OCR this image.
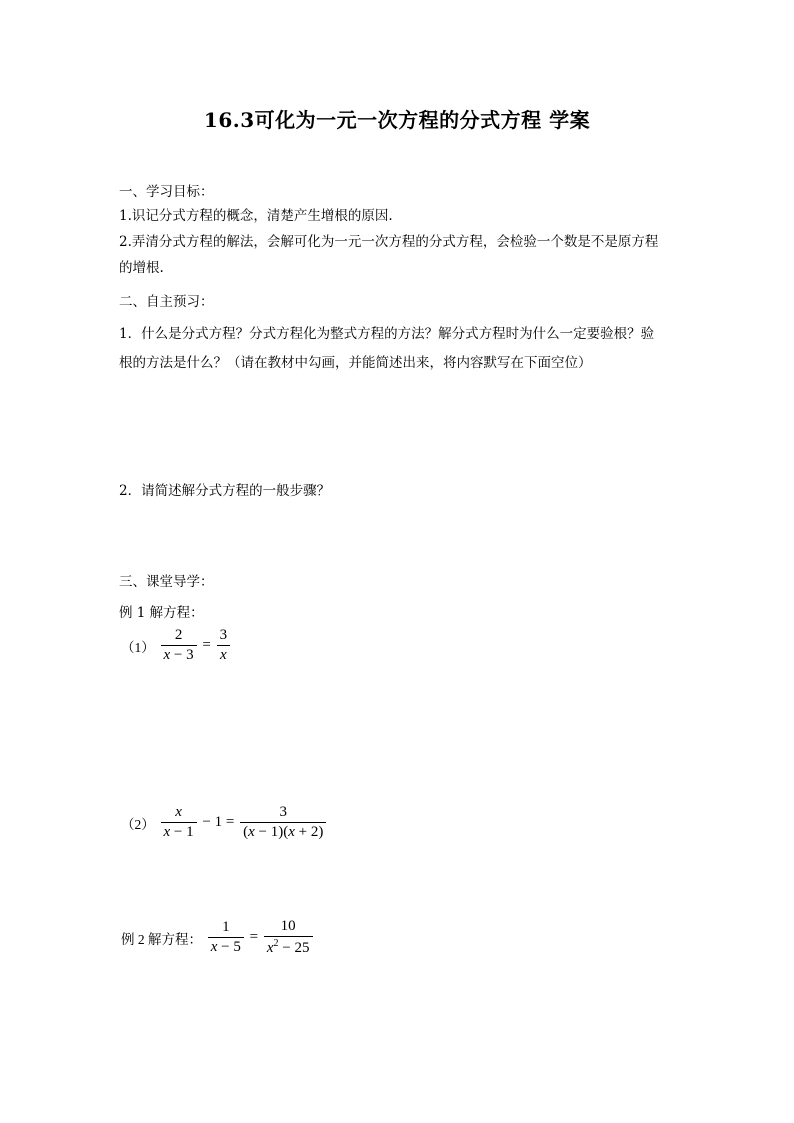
16.3可化为一元一次方程的分式方程 学案
一、学习目标：
1.识记分式方程的概念，清楚产生增根的原因.
2.弄清分式方程的解法，会解可化为一元一次方程的分式方程，会检验一个数是不是原方程
的增根.
二、自主预习：
1．什么是分式方程？分式方程化为整式方程的方法？解分式方程时为什么一定要验根？验
根的方法是什么？（请在教材中勾画，并能简述出来，将内容默写在下面空位）
2．请简述解分式方程的一般步骤？
三、课堂导学：
例 1 解方程：
$(1) \frac{2}{x - 3} = \frac{3}{x}$
$(2) \frac{x}{x - 1} - 1 = \frac{3}{(x - 1)(x + 2)}$
例 2 解方程： $\frac{1}{x - 5} = \frac{10}{x^2 - 25}$
